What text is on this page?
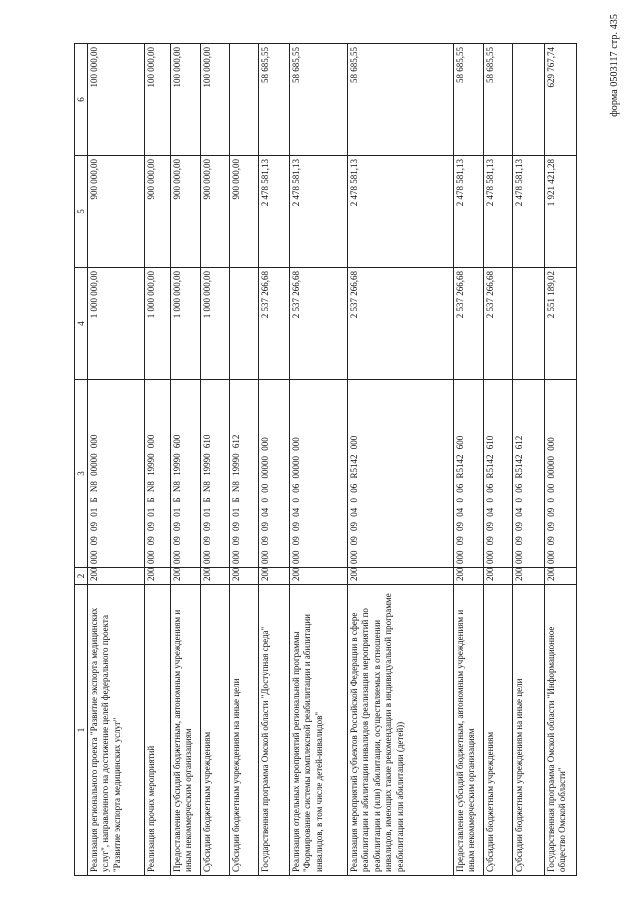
форма 0503117 стр. 435
1	2	3	4	5	6
Реализация регионального проекта "Развитие экспорта медицинских услуг", направленного на достижение целей федерального проекта "Развитие экспорта медицинских услуг"	200	000 09 09 01 Б N8 00000 000	1 000 000,00	900 000,00	100 000,00
Реализация прочих мероприятий	200	000 09 09 01 Б N8 19990 000	1 000 000,00	900 000,00	100 000,00
Предоставление субсидий бюджетным, автономным учреждениям и иным некоммерческим организациям	200	000 09 09 01 Б N8 19990 600	1 000 000,00	900 000,00	100 000,00
Субсидии бюджетным учреждениям	200	000 09 09 01 Б N8 19990 610	1 000 000,00	900 000,00	100 000,00
Субсидии бюджетным учреждениям на иные цели	200	000 09 09 01 Б N8 19990 612		900 000,00	
Государственная программа Омской области "Доступная среда"	200	000 09 09 04 0 00 00000 000	2 537 266,68	2 478 581,13	58 685,55
Реализация отдельных мероприятий региональной программы "Формирование системы комплексной реабилитации и абилитации инвалидов, в том числе детей-инвалидов"	200	000 09 09 04 0 06 00000 000	2 537 266,68	2 478 581,13	58 685,55
Реализация мероприятий субъектов Российской Федерации в сфере реабилитации и абилитации инвалидов (реализация мероприятий по реабилитации и (или) абилитации, осуществляемых в отношении инвалидов, имеющих такие рекомендации в индивидуальной программе реабилитации или абилитации (детей))	200	000 09 09 04 0 06 R5142 000	2 537 266,68	2 478 581,13	58 685,55
Предоставление субсидий бюджетным, автономным учреждениям и иным некоммерческим организациям	200	000 09 09 04 0 06 R5142 600	2 537 266,68	2 478 581,13	58 685,55
Субсидии бюджетным учреждениям	200	000 09 09 04 0 06 R5142 610	2 537 266,68	2 478 581,13	58 685,55
Субсидии бюджетным учреждениям на иные цели	200	000 09 09 04 0 06 R5142 612		2 478 581,13	
Государственная программа Омской области "Информационное общество Омской области"	200	000 09 09 09 0 00 00000 000	2 551 189,02	1 921 421,28	629 767,74
